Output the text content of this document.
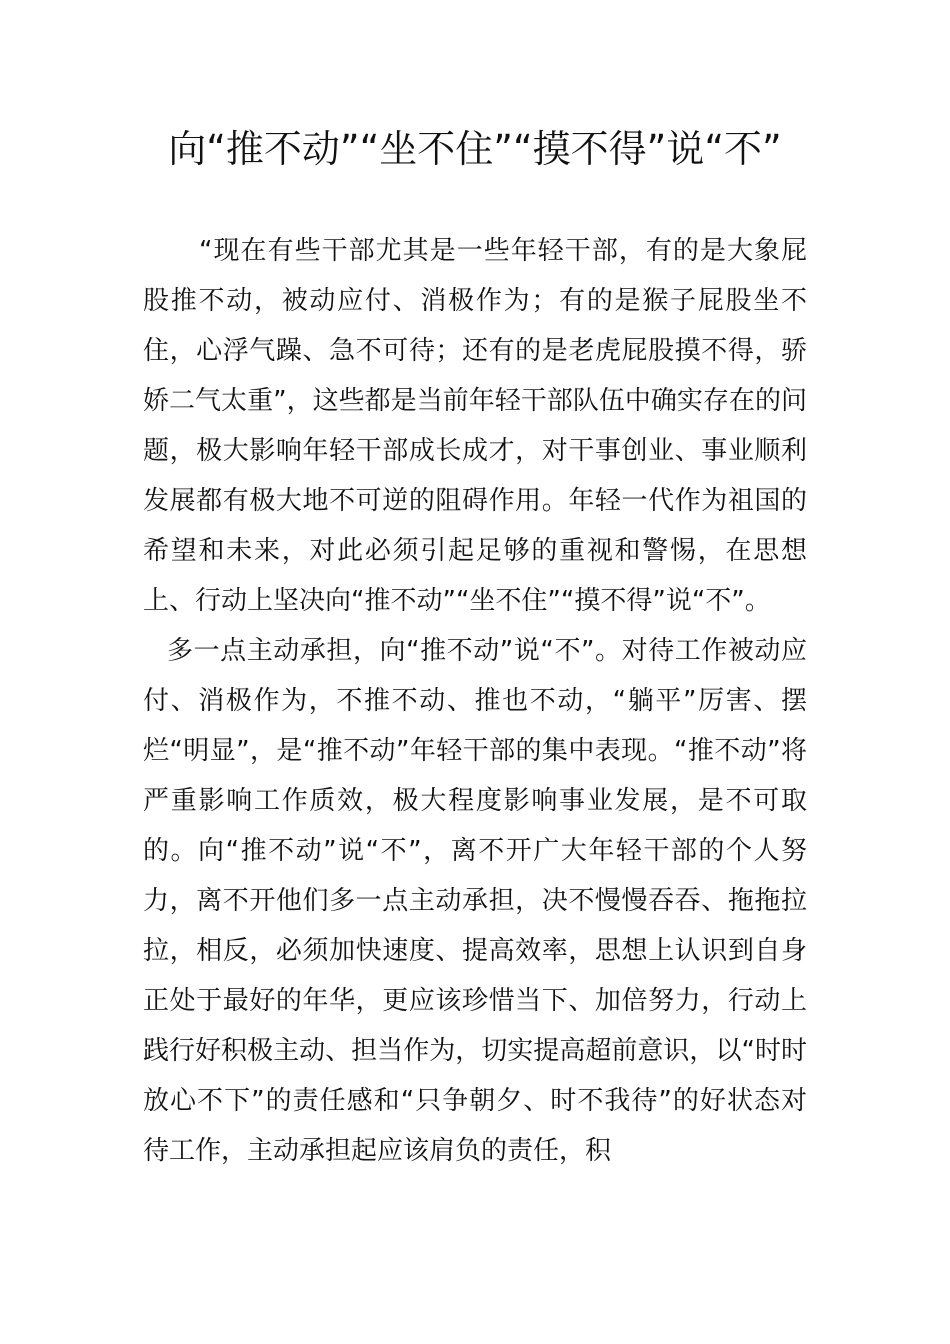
向“推不动”“坐不住”“摸不得”说“不”

“现在有些干部尤其是一些年轻干部，有的是大象屁股推不动，被动应付、消极作为；有的是猴子屁股坐不住，心浮气躁、急不可待；还有的是老虎屁股摸不得，骄娇二气太重”，这些都是当前年轻干部队伍中确实存在的问题，极大影响年轻干部成长成才，对干事创业、事业顺利发展都有极大地不可逆的阻碍作用。年轻一代作为祖国的希望和未来，对此必须引起足够的重视和警惕，在思想上、行动上坚决向“推不动”“坐不住”“摸不得”说“不”。

多一点主动承担，向“推不动”说“不”。对待工作被动应付、消极作为，不推不动、推也不动，“躺平”厉害、摆烂“明显”，是“推不动”年轻干部的集中表现。“推不动”将严重影响工作质效，极大程度影响事业发展，是不可取的。向“推不动”说“不”，离不开广大年轻干部的个人努力，离不开他们多一点主动承担，决不慢慢吞吞、拖拖拉拉，相反，必须加快速度、提高效率，思想上认识到自身正处于最好的年华，更应该珍惜当下、加倍努力，行动上践行好积极主动、担当作为，切实提高超前意识，以“时时放心不下”的责任感和“只争朝夕、时不我待”的好状态对待工作，主动承担起应该肩负的责任，积
